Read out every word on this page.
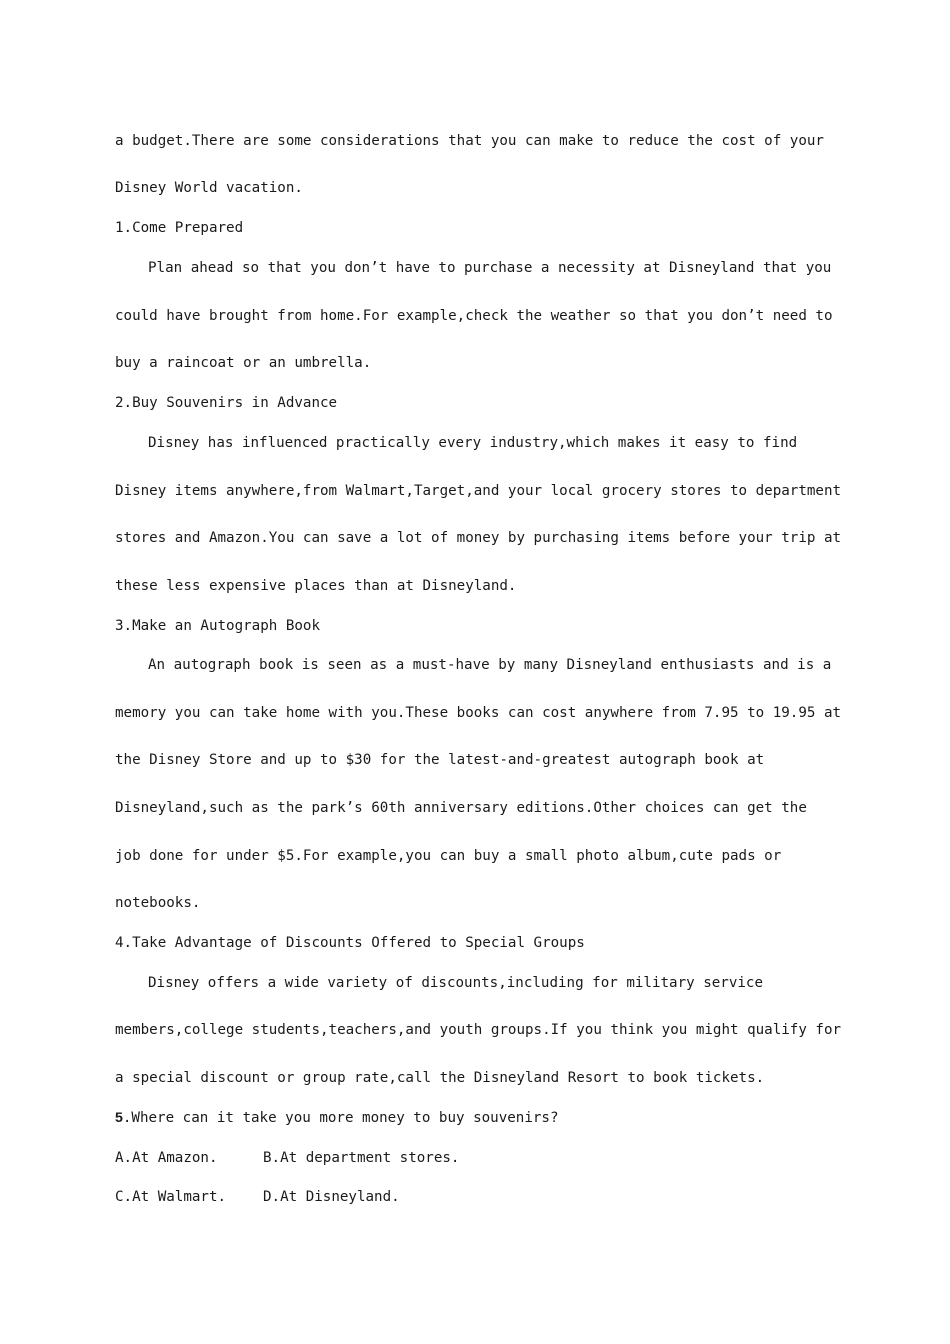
a budget.There are some considerations that you can make to reduce the cost of your
Disney World vacation.
1.Come Prepared
Plan ahead so that you don’t have to purchase a necessity at Disneyland that you
could have brought from home.For example,check the weather so that you don’t need to
buy a raincoat or an umbrella.
2.Buy Souvenirs in Advance
Disney has influenced practically every industry,which makes it easy to find
Disney items anywhere,from Walmart,Target,and your local grocery stores to department
stores and Amazon.You can save a lot of money by purchasing items before your trip at
these less expensive places than at Disneyland.
3.Make an Autograph Book
An autograph book is seen as a must-have by many Disneyland enthusiasts and is a
memory you can take home with you.These books can cost anywhere from 7.95 to 19.95 at
the Disney Store and up to $30 for the latest-and-greatest autograph book at
Disneyland,such as the park’s 60th anniversary editions.Other choices can get the
job done for under $5.For example,you can buy a small photo album,cute pads or
notebooks.
4.Take Advantage of Discounts Offered to Special Groups
Disney offers a wide variety of discounts,including for military service
members,college students,teachers,and youth groups.If you think you might qualify for
a special discount or group rate,call the Disneyland Resort to book tickets.
5.Where can it take you more money to buy souvenirs?
A.At Amazon.	B.At department stores.
C.At Walmart.	D.At Disneyland.
